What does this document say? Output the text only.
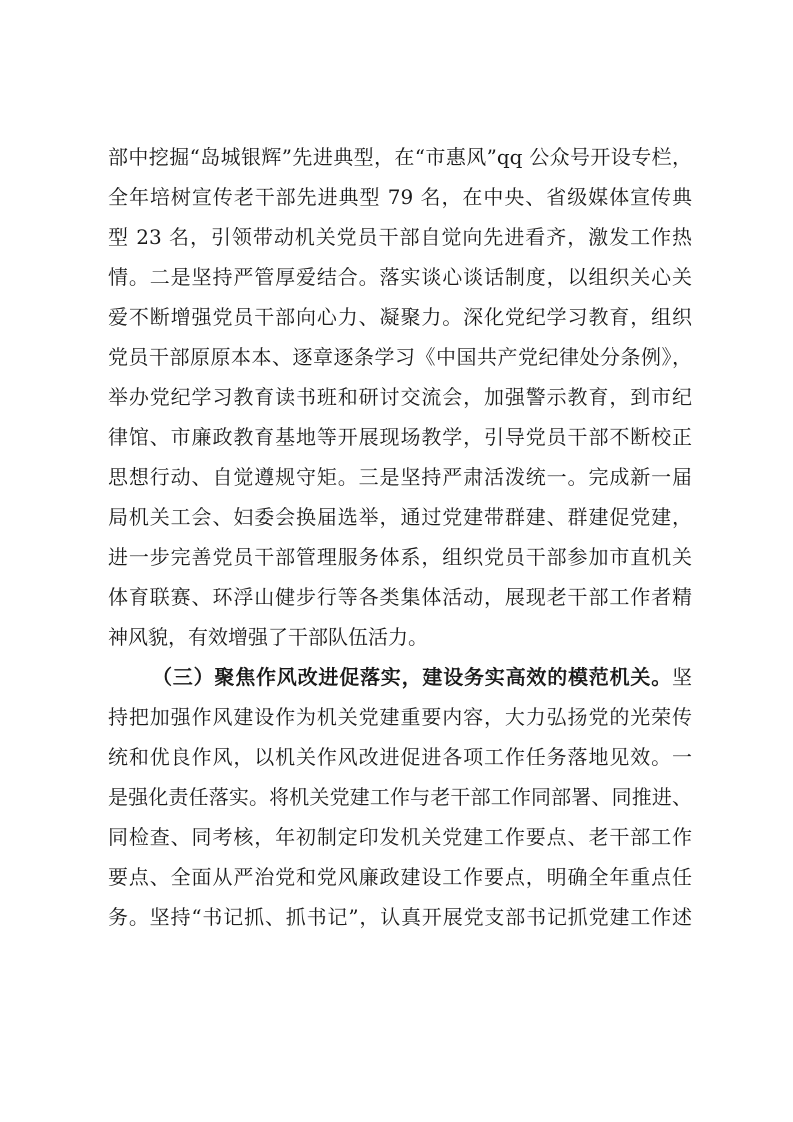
部中挖掘“岛城银辉”先进典型，在“市惠风”qq 公众号开设专栏，
全年培树宣传老干部先进典型 79 名，在中央、省级媒体宣传典
型 23 名，引领带动机关党员干部自觉向先进看齐，激发工作热
情。二是坚持严管厚爱结合。落实谈心谈话制度，以组织关心关
爱不断增强党员干部向心力、凝聚力。深化党纪学习教育，组织
党员干部原原本本、逐章逐条学习《中国共产党纪律处分条例》，
举办党纪学习教育读书班和研讨交流会，加强警示教育，到市纪
律馆、市廉政教育基地等开展现场教学，引导党员干部不断校正
思想行动、自觉遵规守矩。三是坚持严肃活泼统一。完成新一届
局机关工会、妇委会换届选举，通过党建带群建、群建促党建，
进一步完善党员干部管理服务体系，组织党员干部参加市直机关
体育联赛、环浮山健步行等各类集体活动，展现老干部工作者精
神风貌，有效增强了干部队伍活力。
（三）聚焦作风改进促落实，建设务实高效的模范机关。坚
持把加强作风建设作为机关党建重要内容，大力弘扬党的光荣传
统和优良作风，以机关作风改进促进各项工作任务落地见效。一
是强化责任落实。将机关党建工作与老干部工作同部署、同推进、
同检查、同考核，年初制定印发机关党建工作要点、老干部工作
要点、全面从严治党和党风廉政建设工作要点，明确全年重点任
务。坚持“书记抓、抓书记”，认真开展党支部书记抓党建工作述
